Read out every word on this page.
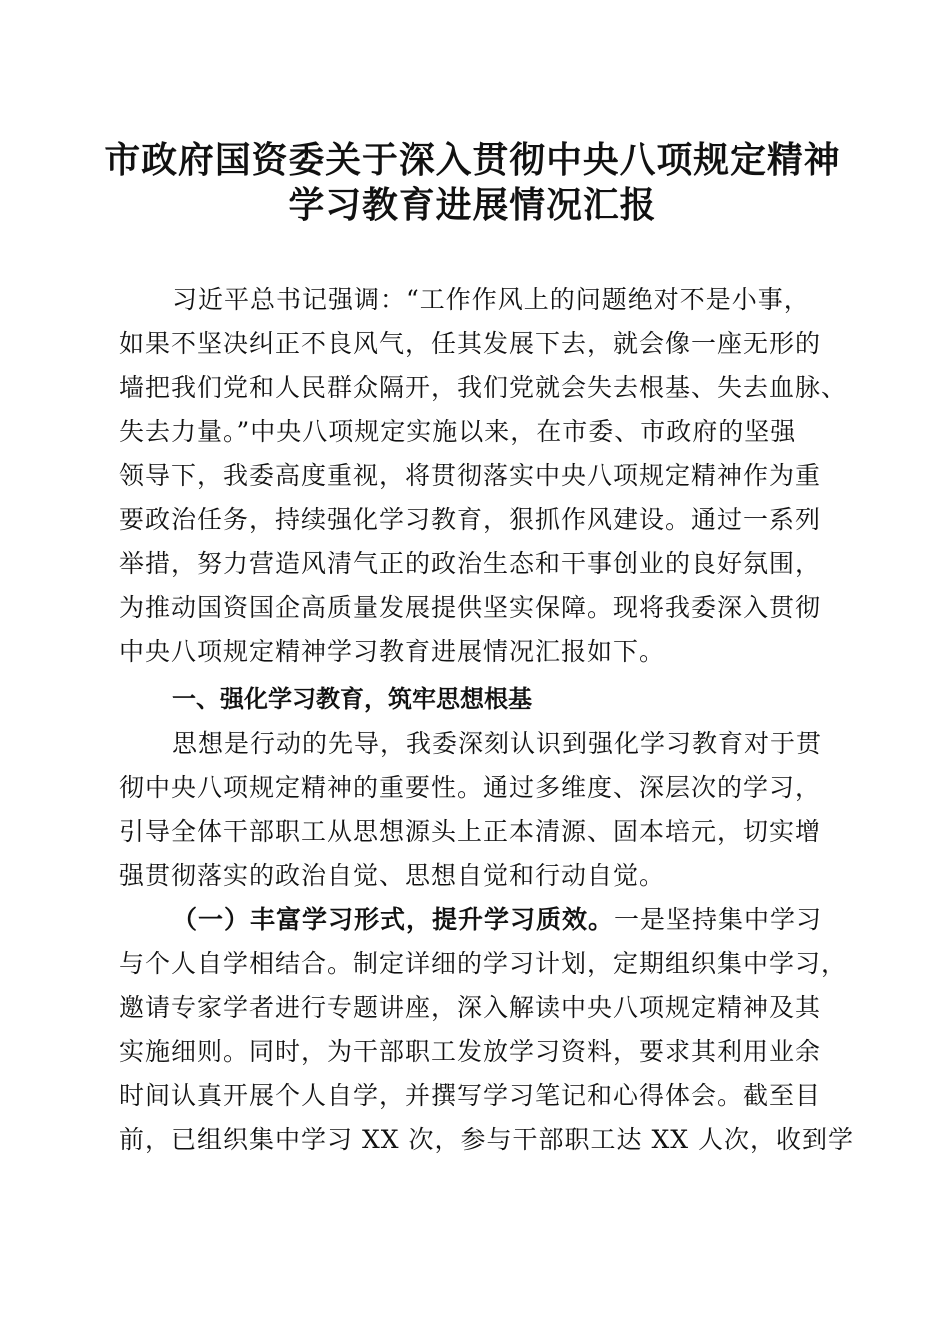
市政府国资委关于深入贯彻中央八项规定精神
学习教育进展情况汇报
习近平总书记强调：“工作作风上的问题绝对不是小事，
如果不坚决纠正不良风气，任其发展下去，就会像一座无形的
墙把我们党和人民群众隔开，我们党就会失去根基、失去血脉、
失去力量。”中央八项规定实施以来，在市委、市政府的坚强
领导下，我委高度重视，将贯彻落实中央八项规定精神作为重
要政治任务，持续强化学习教育，狠抓作风建设。通过一系列
举措，努力营造风清气正的政治生态和干事创业的良好氛围，
为推动国资国企高质量发展提供坚实保障。现将我委深入贯彻
中央八项规定精神学习教育进展情况汇报如下。
一、强化学习教育，筑牢思想根基
思想是行动的先导，我委深刻认识到强化学习教育对于贯
彻中央八项规定精神的重要性。通过多维度、深层次的学习，
引导全体干部职工从思想源头上正本清源、固本培元，切实增
强贯彻落实的政治自觉、思想自觉和行动自觉。
（一）丰富学习形式，提升学习质效。一是坚持集中学习
与个人自学相结合。制定详细的学习计划，定期组织集中学习，
邀请专家学者进行专题讲座，深入解读中央八项规定精神及其
实施细则。同时，为干部职工发放学习资料，要求其利用业余
时间认真开展个人自学，并撰写学习笔记和心得体会。截至目
前，已组织集中学习 XX 次，参与干部职工达 XX 人次，收到学
